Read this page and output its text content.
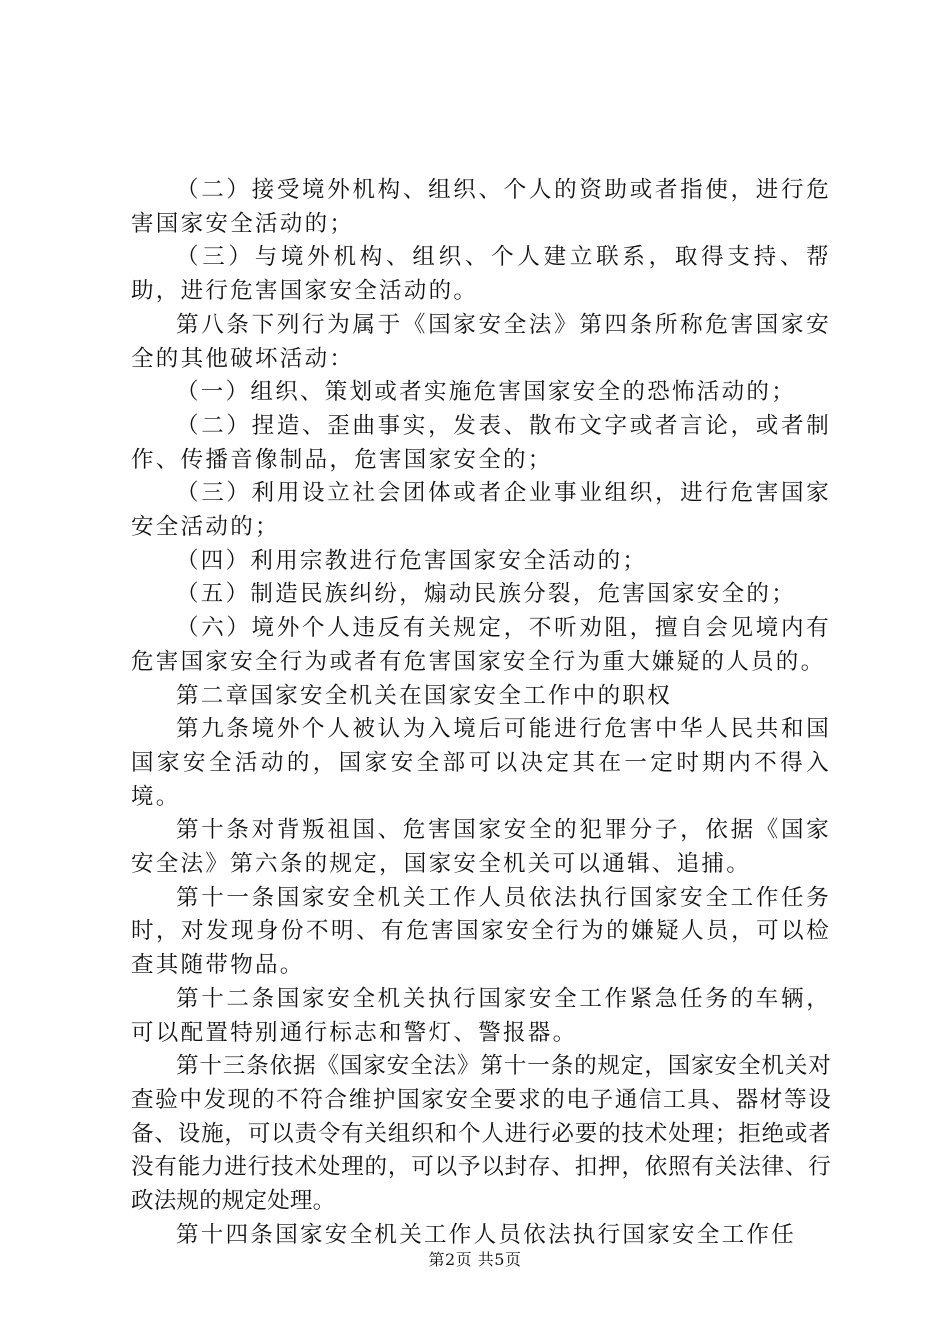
（二）接受境外机构、组织、个人的资助或者指使，进行危害国家安全活动的；

（三）与境外机构、组织、个人建立联系，取得支持、帮助，进行危害国家安全活动的。

第八条下列行为属于《国家安全法》第四条所称危害国家安全的其他破坏活动：

（一）组织、策划或者实施危害国家安全的恐怖活动的；

（二）捏造、歪曲事实，发表、散布文字或者言论，或者制作、传播音像制品，危害国家安全的；

（三）利用设立社会团体或者企业事业组织，进行危害国家安全活动的；

（四）利用宗教进行危害国家安全活动的；

（五）制造民族纠纷，煽动民族分裂，危害国家安全的；

（六）境外个人违反有关规定，不听劝阻，擅自会见境内有危害国家安全行为或者有危害国家安全行为重大嫌疑的人员的。

第二章国家安全机关在国家安全工作中的职权

第九条境外个人被认为入境后可能进行危害中华人民共和国国家安全活动的，国家安全部可以决定其在一定时期内不得入境。

第十条对背叛祖国、危害国家安全的犯罪分子，依据《国家安全法》第六条的规定，国家安全机关可以通辑、追捕。

第十一条国家安全机关工作人员依法执行国家安全工作任务时，对发现身份不明、有危害国家安全行为的嫌疑人员，可以检查其随带物品。

第十二条国家安全机关执行国家安全工作紧急任务的车辆，可以配置特别通行标志和警灯、警报器。

第十三条依据《国家安全法》第十一条的规定，国家安全机关对查验中发现的不符合维护国家安全要求的电子通信工具、器材等设备、设施，可以责令有关组织和个人进行必要的技术处理；拒绝或者没有能力进行技术处理的，可以予以封存、扣押，依照有关法律、行政法规的规定处理。

第十四条国家安全机关工作人员依法执行国家安全工作任

第2页 共5页
